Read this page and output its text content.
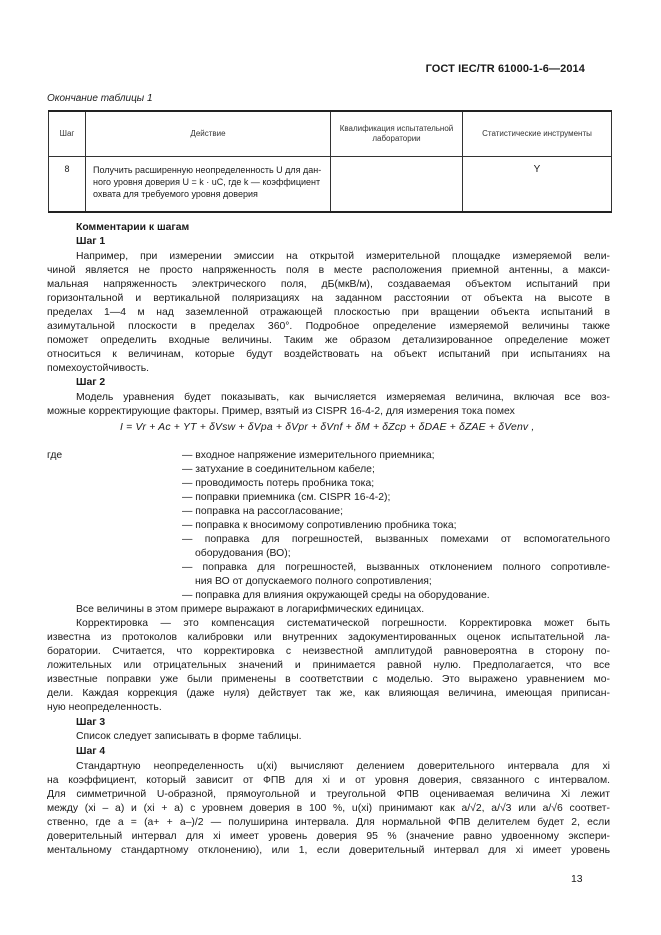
ГОСТ IEC/TR 61000-1-6—2014
Окончание таблицы 1
Шаг	Действие	Квалификация испытательной лаборатории	Статистические инструменты
8	Получить расширенную неопределенность U для дан-
ного уровня доверия U = k · uC, где k — коэффициент
охвата для требуемого уровня доверия		Y
Комментарии к шагам
Шаг 1
Например, при измерении эмиссии на открытой измерительной площадке измеряемой вели-
чиной является не просто напряженность поля в месте расположения приемной антенны, а макси-
мальная напряженность электрического поля, дБ(мкВ/м), создаваемая объектом испытаний при
горизонтальной и вертикальной поляризациях на заданном расстоянии от объекта на высоте в
пределах 1—4 м над заземленной отражающей плоскостью при вращении объекта испытаний в
азимутальной плоскости в пределах 360°. Подробное определение измеряемой величины также
поможет определить входные величины. Таким же образом детализированное определение может
относиться к величинам, которые будут воздействовать на объект испытаний при испытаниях на
помехоустойчивость.
Шаг 2
Модель уравнения будет показывать, как вычисляется измеряемая величина, включая все воз-
можные корректирующие факторы. Пример, взятый из CISPR 16-4-2, для измерения тока помех
I = Vr + Ac + YT + δVsw + δVpa + δVpr + δVnf + δM + δZcp + δDAE + δZAE + δVenv ,
где	— входное напряжение измерительного приемника;
— затухание в соединительном кабеле;
— проводимость потерь пробника тока;
— поправки приемника (см. CISPR 16-4-2);
— поправка на рассогласование;
— поправка к вносимому сопротивлению пробника тока;
— поправка для погрешностей, вызванных помехами от вспомогательного
оборудования (ВО);
— поправка для погрешностей, вызванных отклонением полного сопротивле-
ния ВО от допускаемого полного сопротивления;
— поправка для влияния окружающей среды на оборудование.
Все величины в этом примере выражают в логарифмических единицах.
Корректировка — это компенсация систематической погрешности. Корректировка может быть
известна из протоколов калибровки или внутренних задокументированных оценок испытательной ла-
боратории. Считается, что корректировка с неизвестной амплитудой равновероятна в сторону по-
ложительных или отрицательных значений и принимается равной нулю. Предполагается, что все
известные поправки уже были применены в соответствии с моделью. Это выражено уравнением мо-
дели. Каждая коррекция (даже нуля) действует так же, как влияющая величина, имеющая приписан-
ную неопределенность.
Шаг 3
Список следует записывать в форме таблицы.
Шаг 4
Стандартную неопределенность u(xi) вычисляют делением доверительного интервала для xi
на коэффициент, который зависит от ФПВ для xi и от уровня доверия, связанного с интервалом.
Для симметричной U-образной, прямоугольной и треугольной ФПВ оцениваемая величина Xi лежит
между (xi – a) и (xi + a) с уровнем доверия в 100 %, u(xi) принимают как a/√2, a/√3 или a/√6 соответ-
ственно, где a = (a+ + a–)/2 — полуширина интервала. Для нормальной ФПВ делителем будет 2, если
доверительный интервал для xi имеет уровень доверия 95 % (значение равно удвоенному экспери-
ментальному стандартному отклонению), или 1, если доверительный интервал для xi имеет уровень
13
